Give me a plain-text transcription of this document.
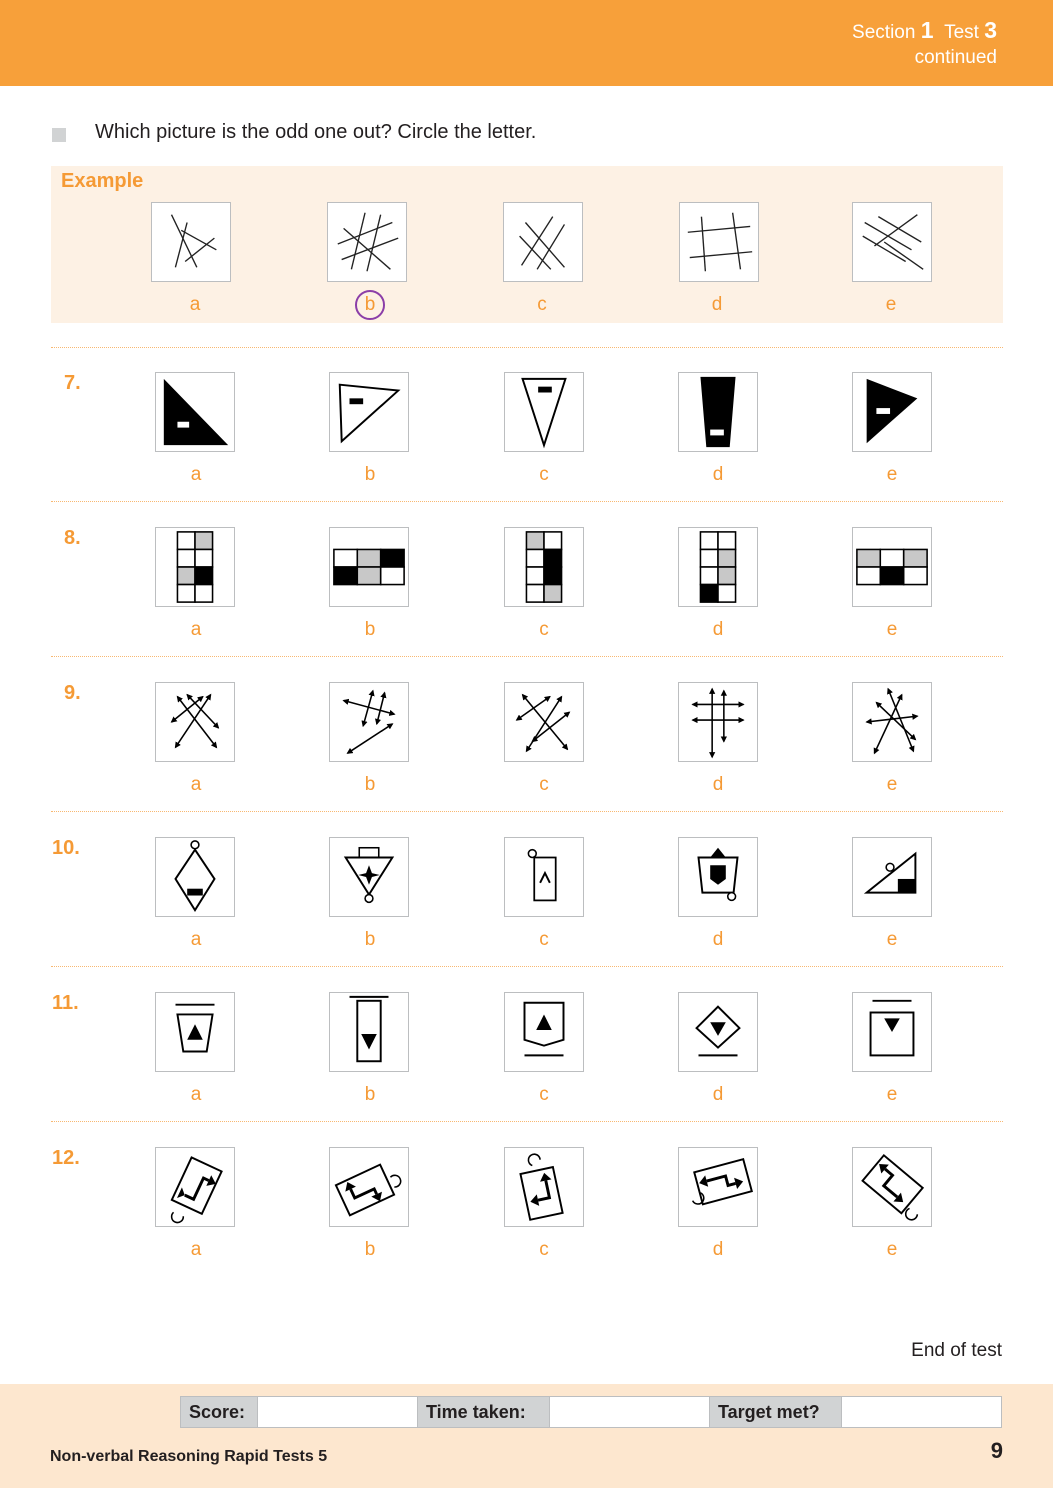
Section 1 Test 3
continued
Which picture is the odd one out? Circle the letter.
Example
a	b	c	d	e
7.
a	b	c	d	e
8.
a	b	c	d	e
9.
a	b	c	d	e
10.
a	b	c	d	e
11.
a	b	c	d	e
12.
a	b	c	d	e
End of test
Score:	Time taken:	Target met?
Non-verbal Reasoning Rapid Tests 5	9
